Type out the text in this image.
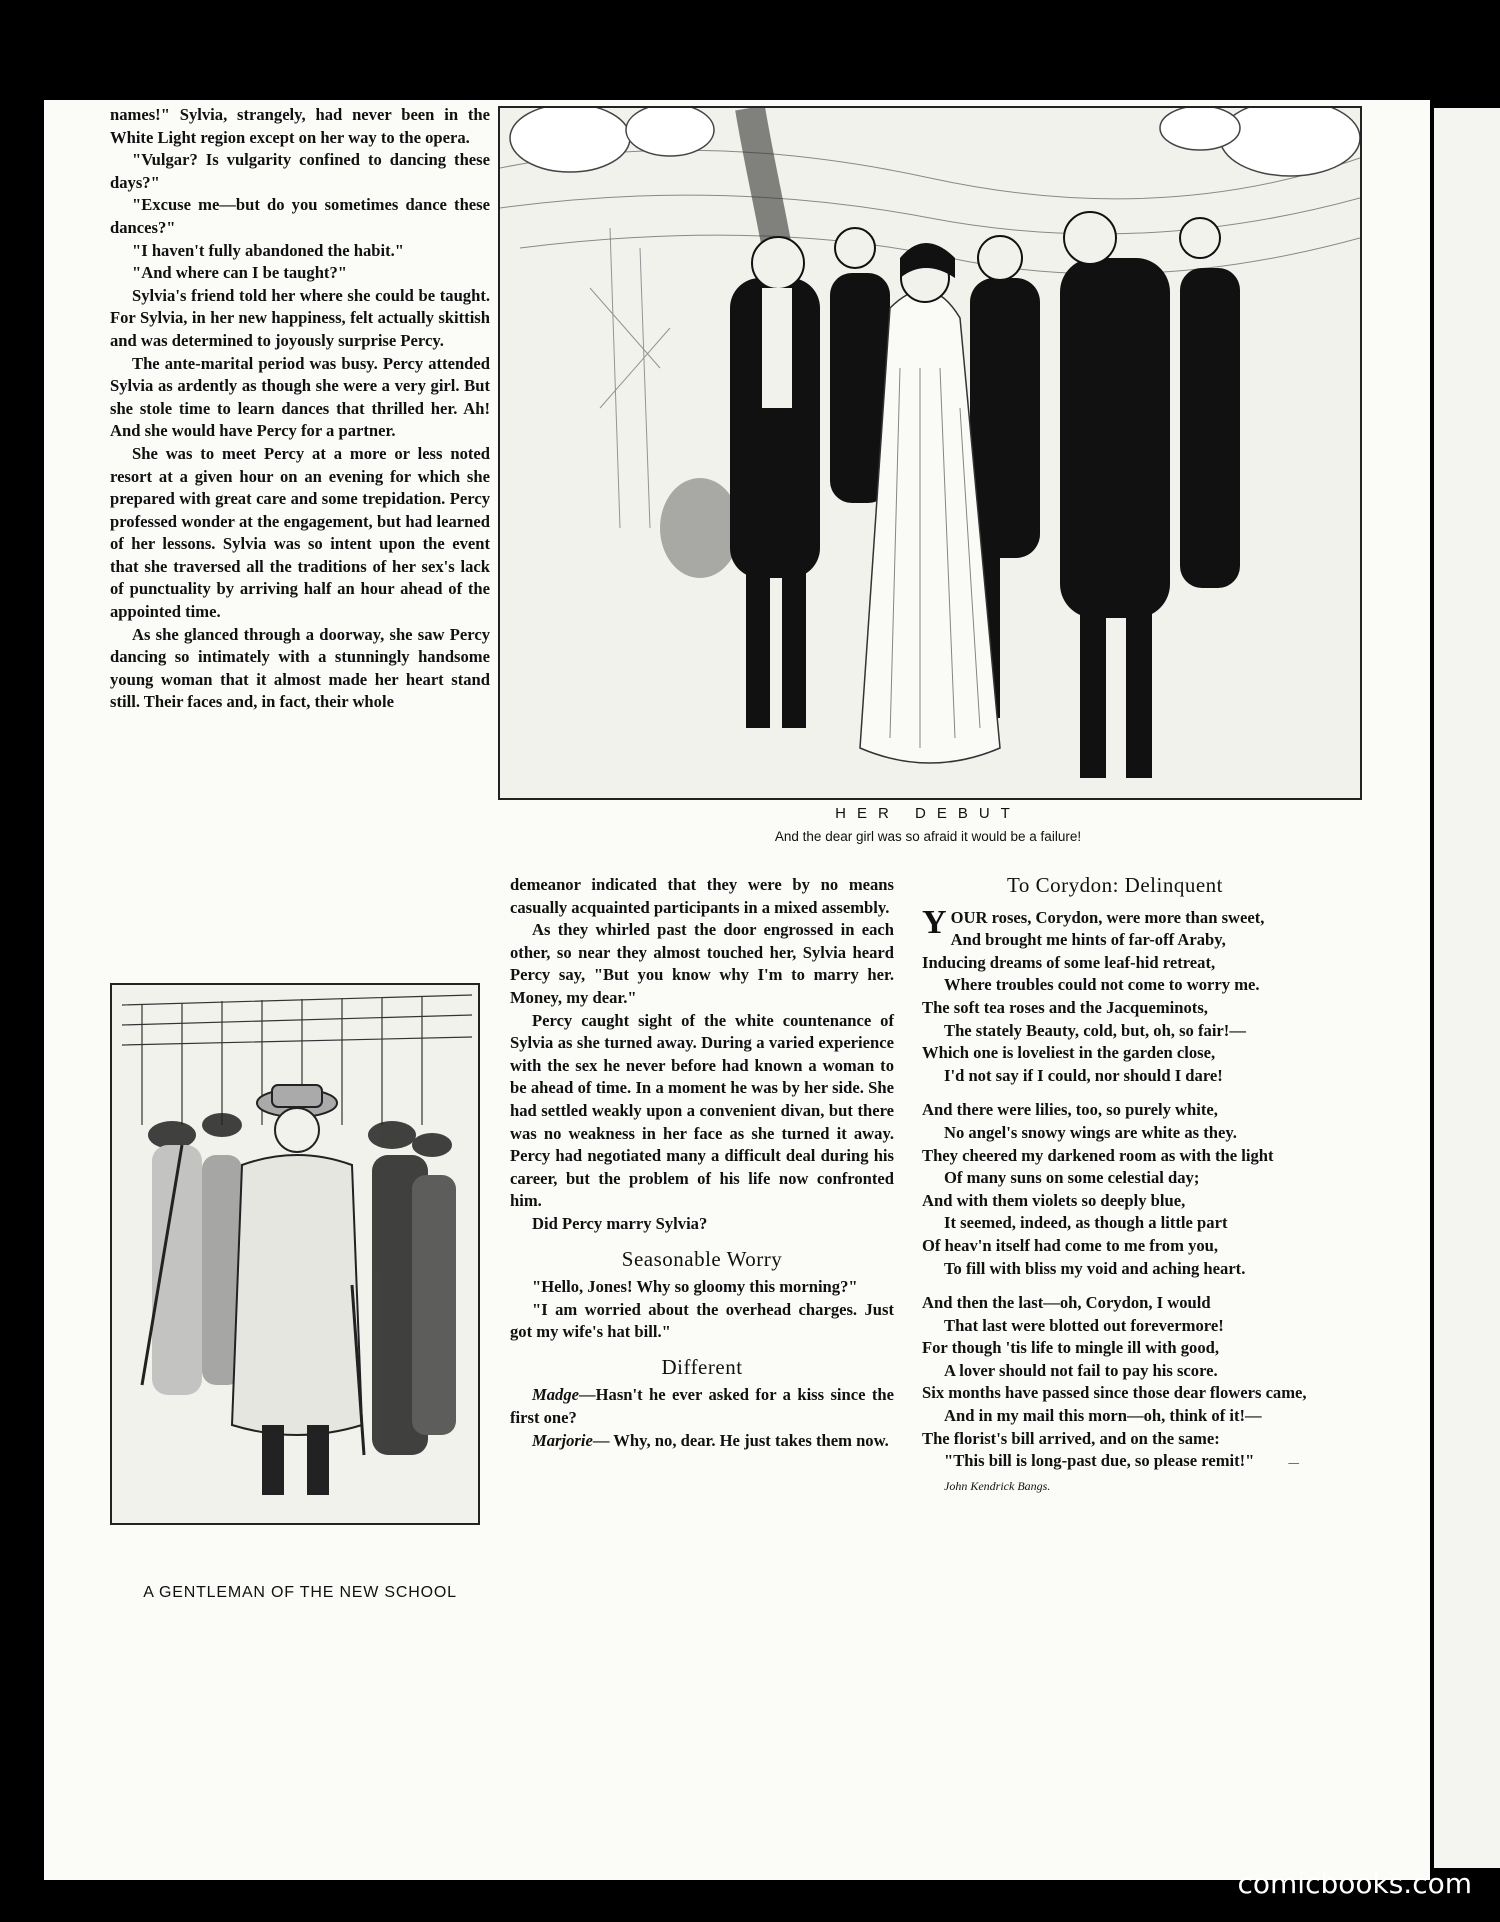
names!" Sylvia, strangely, had never been in the White Light region except on her way to the opera.

"Vulgar? Is vulgarity confined to dancing these days?"

"Excuse me—but do you sometimes dance these dances?"

"I haven't fully abandoned the habit."

"And where can I be taught?"

Sylvia's friend told her where she could be taught. For Sylvia, in her new happiness, felt actually skittish and was determined to joyously surprise Percy.

The ante-marital period was busy. Percy attended Sylvia as ardently as though she were a very girl. But she stole time to learn dances that thrilled her. Ah! And she would have Percy for a partner.

She was to meet Percy at a more or less noted resort at a given hour on an evening for which she prepared with great care and some trepidation. Percy professed wonder at the engagement, but had learned of her lessons. Sylvia was so intent upon the event that she traversed all the traditions of her sex's lack of punctuality by arriving half an hour ahead of the appointed time.

As she glanced through a doorway, she saw Percy dancing so intimately with a stunningly handsome young woman that it almost made her heart stand still. Their faces and, in fact, their whole

HER DEBUT
And the dear girl was so afraid it would be a failure!
A GENTLEMAN OF THE NEW SCHOOL

demeanor indicated that they were by no means casually acquainted participants in a mixed assembly.

As they whirled past the door engrossed in each other, so near they almost touched her, Sylvia heard Percy say, "But you know why I'm to marry her. Money, my dear."

Percy caught sight of the white countenance of Sylvia as she turned away. During a varied experience with the sex he never before had known a woman to be ahead of time. In a moment he was by her side. She had settled weakly upon a convenient divan, but there was no weakness in her face as she turned it away. Percy had negotiated many a difficult deal during his career, but the problem of his life now confronted him.

Did Percy marry Sylvia?

Seasonable Worry

"Hello, Jones! Why so gloomy this morning?"

"I am worried about the overhead charges. Just got my wife's hat bill."

Different

Madge—Hasn't he ever asked for a kiss since the first one?

Marjorie— Why, no, dear. He just takes them now.

To Corydon: Delinquent
YOUR roses, Corydon, were more than sweet,
And brought me hints of far-off Araby,
Inducing dreams of some leaf-hid retreat,
Where troubles could not come to worry me.
The soft tea roses and the Jacqueminots,
The stately Beauty, cold, but, oh, so fair!—
Which one is loveliest in the garden close,
I'd not say if I could, nor should I dare!
And there were lilies, too, so purely white,
No angel's snowy wings are white as they.
They cheered my darkened room as with the light
Of many suns on some celestial day;
And with them violets so deeply blue,
It seemed, indeed, as though a little part
Of heav'n itself had come to me from you,
To fill with bliss my void and aching heart.
And then the last—oh, Corydon, I would
That last were blotted out forevermore!
For though 'tis life to mingle ill with good,
A lover should not fail to pay his score.
Six months have passed since those dear flowers came,
And in my mail this morn—oh, think of it!—
The florist's bill arrived, and on the same:
"This bill is long-past due, so please remit!"	—John Kendrick Bangs.
comicbooks.com
